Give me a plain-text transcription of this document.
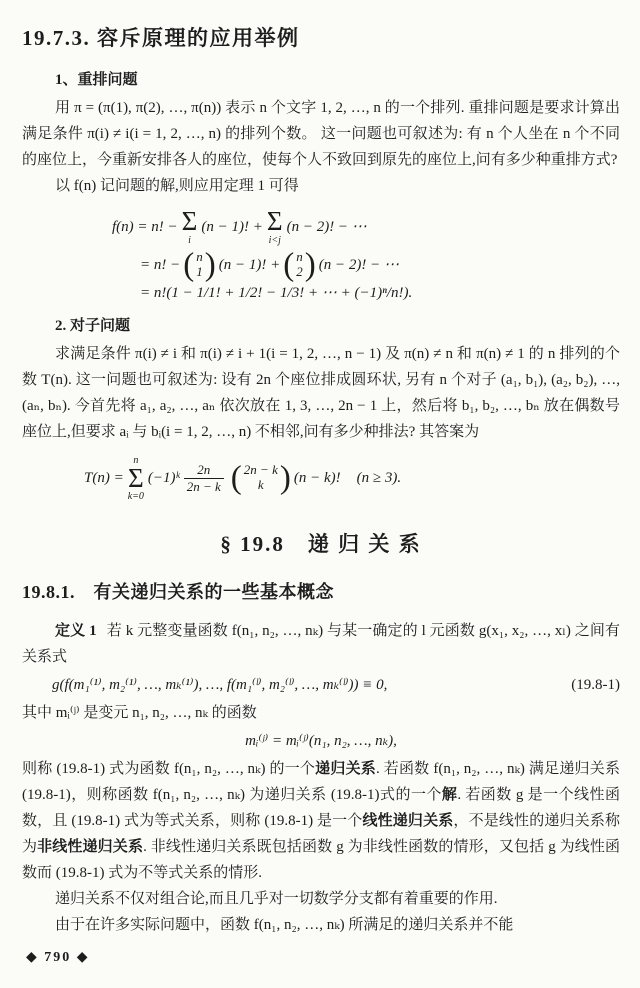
19.7.3. 容斥原理的应用举例
1、重排问题

用 π = (π(1), π(2), …, π(n)) 表示 n 个文字 1, 2, …, n 的一个排列. 重排问题是要求计算出满足条件 π(i) ≠ i(i = 1, 2, …, n) 的排列个数。 这一问题也可叙述为: 有 n 个人坐在 n 个不同的座位上，今重新安排各人的座位，使每个人不致回到原先的座位上,问有多少种重排方式?

以 f(n) 记问题的解,则应用定理 1 可得

f(n) = n! − Σ
i
(n − 1)! + Σ
i<j
(n − 2)! − ⋯
= n! − ( n
1 ) (n − 1)! + ( n
2 ) (n − 2)! − ⋯
= n!(1 − 1/1! + 1/2! − 1/3! + ⋯ + (−1)ⁿ/n!).
2. 对子问题

求满足条件 π(i) ≠ i 和 π(i) ≠ i + 1(i = 1, 2, …, n − 1) 及 π(n) ≠ n 和 π(n) ≠ 1 的 n 排列的个数 T(n). 这一问题也可叙述为: 设有 2n 个座位排成圆环状, 另有 n 个对子 (a₁, b₁), (a₂, b₂), …, (aₙ, bₙ). 今首先将 a₁, a₂, …, aₙ 依次放在 1, 3, …, 2n − 1 上，然后将 b₁, b₂, …, bₙ 放在偶数号座位上,但要求 aᵢ 与 bᵢ(i = 1, 2, …, n) 不相邻,问有多少种排法? 其答案为

T(n) =
n
Σ
k=0
(−1)ᵏ $\frac{2n}{2n - k}$ ( 2n − k
k ) (n − k)! (n ≥ 3).
§ 19.8　递 归 关 系
19.8.1.　有关递归关系的一些基本概念

定义 1 若 k 元整变量函数 f(n₁, n₂, …, nₖ) 与某一确定的 l 元函数 g(x₁, x₂, …, xₗ) 之间有关系式

g(f(m₁⁽¹⁾, m₂⁽¹⁾, …, mₖ⁽¹⁾), …, f(m₁⁽ˡ⁾, m₂⁽ˡ⁾, …, mₖ⁽ˡ⁾)) ≡ 0,	(19.8-1)

其中 mᵢ⁽ʲ⁾ 是变元 n₁, n₂, …, nₖ 的函数

mᵢ⁽ʲ⁾ = mᵢ⁽ʲ⁾(n₁, n₂, …, nₖ),

则称 (19.8-1) 式为函数 f(n₁, n₂, …, nₖ) 的一个递归关系. 若函数 f(n₁, n₂, …, nₖ) 满足递归关系 (19.8-1)，则称函数 f(n₁, n₂, …, nₖ) 为递归关系 (19.8-1)式的一个解. 若函数 g 是一个线性函数，且 (19.8-1) 式为等式关系，则称 (19.8-1) 是一个线性递归关系，不是线性的递归关系称为非线性递归关系. 非线性递归关系既包括函数 g 为非线性函数的情形，又包括 g 为线性函数而 (19.8-1) 式为不等式关系的情形.

递归关系不仅对组合论,而且几乎对一切数学分支都有着重要的作用.

由于在许多实际问题中，函数 f(n₁, n₂, …, nₖ) 所满足的递归关系并不能

◆ 790 ◆
